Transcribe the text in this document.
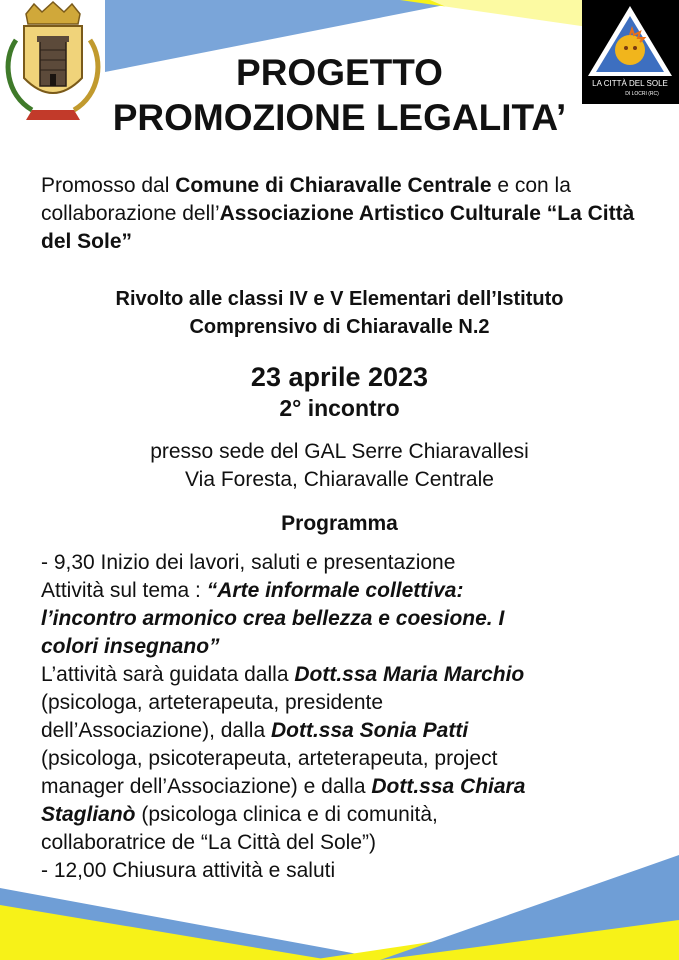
LA CITTÀ DEL SOLE
DI LOCRI (RC)

PROGETTO

PROMOZIONE LEGALITA’

Promosso dal Comune di Chiaravalle Centrale e con la collaborazione dell’Associazione Artistico Culturale “La Città del Sole”

Rivolto alle classi IV e V Elementari dell’Istituto
Comprensivo di Chiaravalle N.2

23 aprile 2023

2° incontro

presso sede del GAL Serre Chiaravallesi
Via Foresta, Chiaravalle Centrale

Programma

- 9,30 Inizio dei lavori, saluti e presentazione
Attività sul tema : “Arte informale collettiva:
l’incontro armonico crea bellezza e coesione. I
colori insegnano”
L’attività sarà guidata dalla Dott.ssa Maria Marchio
(psicologa, arteterapeuta, presidente
dell’Associazione), dalla Dott.ssa Sonia Patti
(psicologa, psicoterapeuta, arteterapeuta, project
manager dell’Associazione) e dalla Dott.ssa Chiara
Staglianò (psicologa clinica e di comunità,
collaboratrice de “La Città del Sole”)
- 12,00 Chiusura attività e saluti
